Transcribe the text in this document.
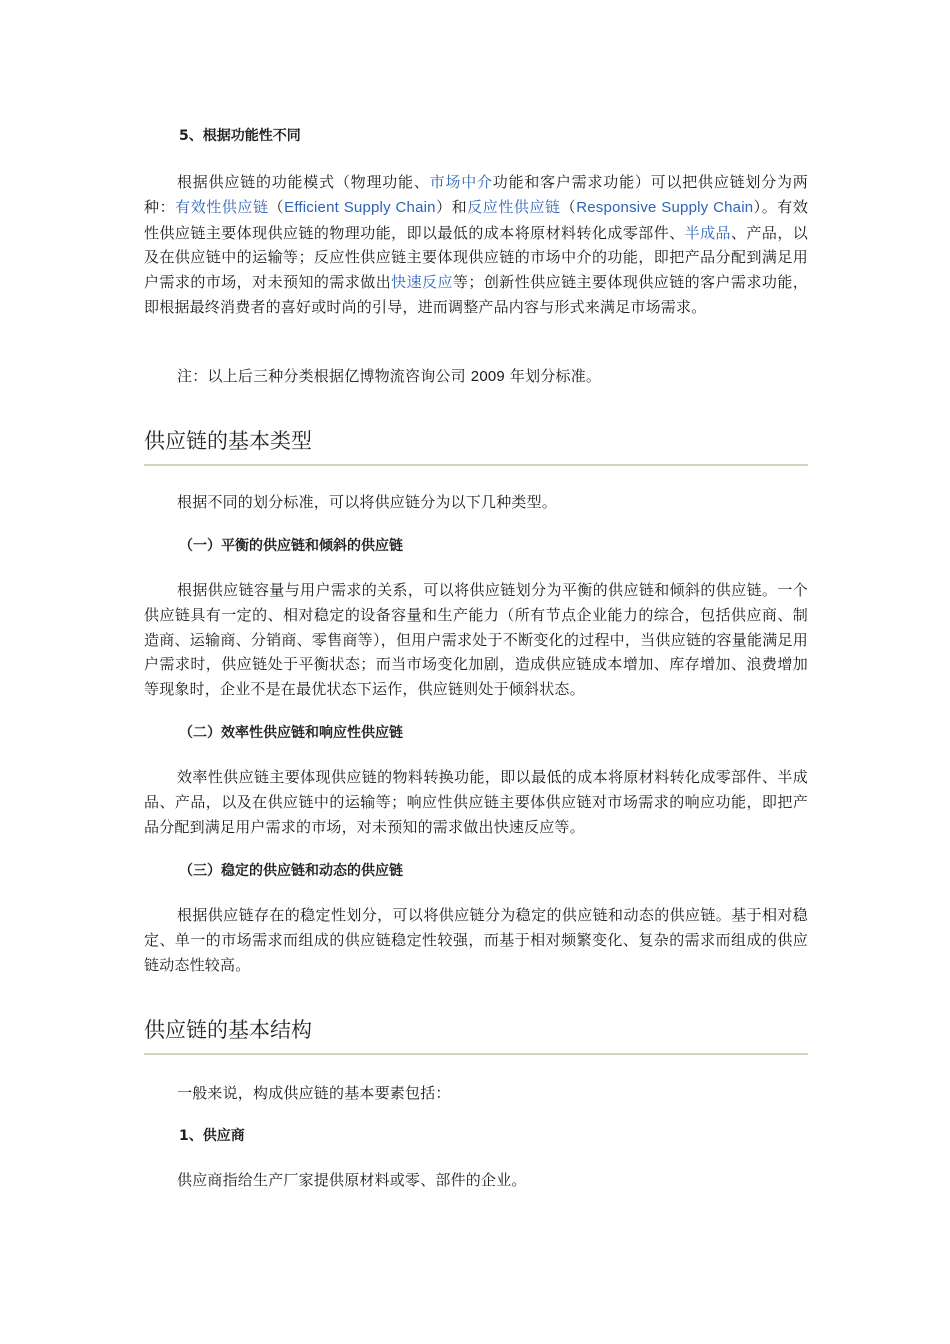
5、根据功能性不同

根据供应链的功能模式（物理功能、市场中介功能和客户需求功能）可以把供应链划分为两种：有效性供应链（Efficient Supply Chain）和反应性供应链（Responsive Supply Chain）。有效性供应链主要体现供应链的物理功能，即以最低的成本将原材料转化成零部件、半成品、产品，以及在供应链中的运输等；反应性供应链主要体现供应链的市场中介的功能，即把产品分配到满足用户需求的市场，对未预知的需求做出快速反应等；创新性供应链主要体现供应链的客户需求功能，即根据最终消费者的喜好或时尚的引导，进而调整产品内容与形式来满足市场需求。

注：以上后三种分类根据亿博物流咨询公司 2009 年划分标准。

供应链的基本类型

根据不同的划分标准，可以将供应链分为以下几种类型。

（一）平衡的供应链和倾斜的供应链

根据供应链容量与用户需求的关系，可以将供应链划分为平衡的供应链和倾斜的供应链。一个供应链具有一定的、相对稳定的设备容量和生产能力（所有节点企业能力的综合，包括供应商、制造商、运输商、分销商、零售商等），但用户需求处于不断变化的过程中，当供应链的容量能满足用户需求时，供应链处于平衡状态；而当市场变化加剧，造成供应链成本增加、库存增加、浪费增加等现象时，企业不是在最优状态下运作，供应链则处于倾斜状态。

（二）效率性供应链和响应性供应链

效率性供应链主要体现供应链的物料转换功能，即以最低的成本将原材料转化成零部件、半成品、产品，以及在供应链中的运输等；响应性供应链主要体供应链对市场需求的响应功能，即把产品分配到满足用户需求的市场，对未预知的需求做出快速反应等。

（三）稳定的供应链和动态的供应链

根据供应链存在的稳定性划分，可以将供应链分为稳定的供应链和动态的供应链。基于相对稳定、单一的市场需求而组成的供应链稳定性较强，而基于相对频繁变化、复杂的需求而组成的供应链动态性较高。

供应链的基本结构

一般来说，构成供应链的基本要素包括：

1、供应商

供应商指给生产厂家提供原材料或零、部件的企业。
